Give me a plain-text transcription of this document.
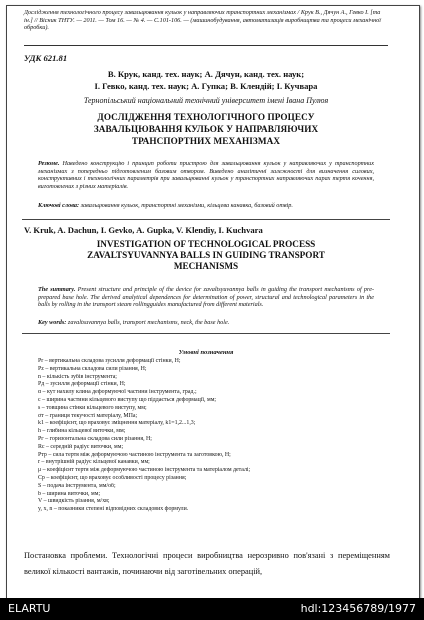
Дослідження технологічного процесу завальцювання кульок у направляючих транспортних механізмах / Крук В., Дячун А., Гевко І. [та ін.] // Вісник ТНТУ. — 2011. — Том 16. — № 4. — С.101-106. — (машинобудування, автоматизація виробництва та процеси механічної обробки).
УДК 621.81
В. Крук, канд. тех. наук; А. Дячун, канд. тех. наук;
І. Гевко, канд. тех. наук; А. Гупка; В. Клендій; І. Кучвара
Тернопільський національний технічний університет імені Івана Пулюя
ДОСЛІДЖЕННЯ ТЕХНОЛОГІЧНОГО ПРОЦЕСУ
ЗАВАЛЬЦЮВАННЯ КУЛЬОК У НАПРАВЛЯЮЧИХ
ТРАНСПОРТНИХ МЕХАНІЗМАХ
Резюме. Наведено конструкцію і принцип роботи пристрою для завальцювання кульок у направляючих у транспортних механізмах з попередньо підготовленим базовим отвором. Виведено аналітичні залежності для визначення силових, конструктивних і технологічних параметрів при завальцюванні кульок у транспортних направляючих парах тертя кочення, виготовлених з різних матеріалів.
Ключові слова: завальцювання кульок, транспортні механізми, кільцева канавка, базовий отвір.
V. Kruk, A. Dachun, I. Gevko, A. Gupka, V. Klendiy, I. Kuchvara
INVESTIGATION OF TECHNOLOGICAL PROCESS
ZAVALTSYUVANNYA BALLS IN GUIDING TRANSPORT
MECHANISMS
The summary. Present structure and principle of the device for zavaltsyuvannya balls in guiding the transport mechanisms of pre-prepared base hole. The derived analytical dependences for determination of power, structural and technological parameters in the balls by rolling in the transport steam rollingguides manufactured from different materials.
Key words: zavaltsuvannya balls, transport mechanisms, neck, the base hole.
Умовні позначення
Pr – вертикальна складова зусилля деформації стінки, Н;
Pz – вертикальна складова сили різання, Н;
n – кількість зубів інструмента;
Pд – зусилля деформації стінки, Н;
α – кут нахилу клина деформуючої частини інструмента, град.;
c – ширина частини кільцевого виступу що піддається деформації, мм;
s – товщина стінки кільцевого виступу, мм;
σт – границя текучості матеріалу, МПа;
k1 – коефіцієнт, що враховує зміцнення матеріалу, k1=1,2...1,3;
h – глибина кільцевої виточки, мм;
Pг – горизонтальна складова сили різання, Н;
Rс – середній радіус виточки, мм;
Pтр – сила тертя між деформуючою частиною інструмента та заготовкою, Н;
r – внутрішній радіус кільцевої канавки, мм;
μ – коефіцієнт тертя між деформуючою частиною інструмента та матеріалом деталі;
Cp – коефіцієнт, що враховує особливості процесу різання;
S – подача інструмента, мм/об;
b – ширина виточки, мм;
V – швидкість різання, м/хв;
y, x, n – показники степені відповідних складових формули.
Постановка проблеми. Технологічні процеси виробництва нерозривно пов'язані з переміщенням великої кількості вантажів, починаючи від заготівельних операцій,
ELARTU	hdl:123456789/1977
